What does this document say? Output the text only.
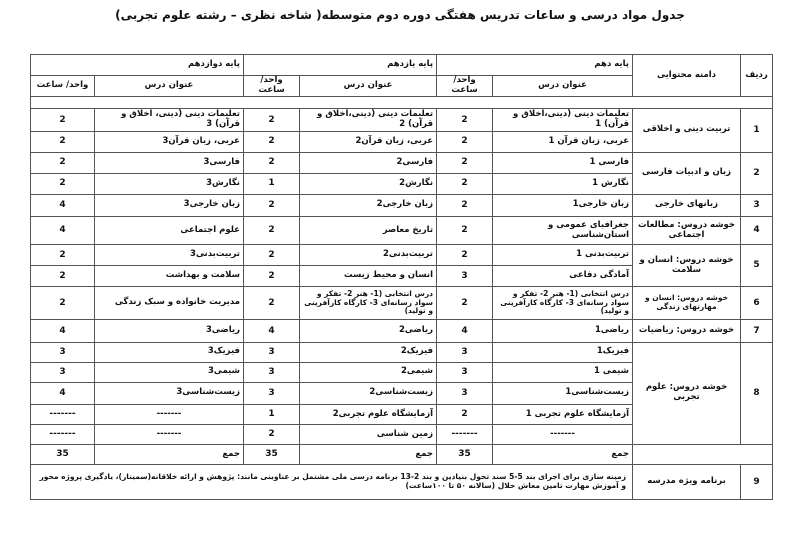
جدول مواد درسی و ساعات تدریس هفتگی دوره دوم متوسطه( شاخه نظری – رشته علوم تجربی)
ردیف	دامنه محتوایی	پایه دهم		پایه یازدهم		پایه دوازدهم	
		عنوان درس	واحد/ ساعت	عنوان درس	واحد/ ساعت	عنوان درس	واحد/ ساعت

1	تربیت دینی و اخلاقی	تعلیمات دینی (دینی،اخلاق و قرآن) 1	2	تعلیمات دینی (دینی،اخلاق و قرآن) 2	2	تعلیمات دینی (دینی، اخلاق و قرآن) 3	2
		عربی، زبان قرآن 1	2	عربی، زبان قرآن2	2	عربی، زبان قرآن3	2
2	زبان و ادبیات فارسی	فارسی 1	2	فارسی2	2	فارسی3	2
		نگارش 1	2	نگارش2	1	نگارش3	2
3	زبانهای خارجی	زبان خارجی1	2	زبان خارجی2	2	زبان خارجی3	4
4	خوشه دروس: مطالعات اجتماعی	جغرافیای عمومی و استان‌شناسی	2	تاریخ معاصر	2	علوم اجتماعی	4
5	خوشه دروس: انسان و سلامت	تربیت‌بدنی 1	2	تربیت‌بدنی2	2	تربیت‌بدنی3	2
		آمادگی دفاعی	3	انسان و محیط زیست	2	سلامت و بهداشت	2
6	خوشه دروس: انسان و مهارتهای زندگی	درس انتخابی (1- هنر 2- تفکر و سواد رسانه‌ای 3- کارگاه کارآفرینی و تولید)	2	درس انتخابی (1- هنر 2- تفکر و سواد رسانه‌ای 3- کارگاه کارآفرینی و تولید)	2	مدیریت خانواده و سبک زندگی	2
7	خوشه دروس: ریاضیات	ریاضی1	4	ریاضی2	4	ریاضی3	4
8	خوشه دروس: علوم تجربی	فیزیک1	3	فیزیک2	3	فیزیک3	3
		شیمی 1	3	شیمی2	3	شیمی3	3
		زیست‌شناسی1	3	زیست‌شناسی2	3	زیست‌شناسی3	4
		آزمایشگاه علوم تجربی 1	2	آزمایشگاه علوم تجربی2	1	-------	-------
		-------	-------	زمین شناسی	2	-------	-------
		جمع	35	جمع	35	جمع	35
9	برنامه ویژه مدرسه	زمینه سازی برای اجرای بند 5-5 سند تحول بنیادین و بند 2-13 برنامه درسی ملی مشتمل بر عناوینی مانند: پژوهش و ارائه خلاقانه(سمینار)، یادگیری پروژه محور و آموزش مهارت تامین معاش حلال (سالانه ۵۰ تا ۱۰۰ساعت)					
